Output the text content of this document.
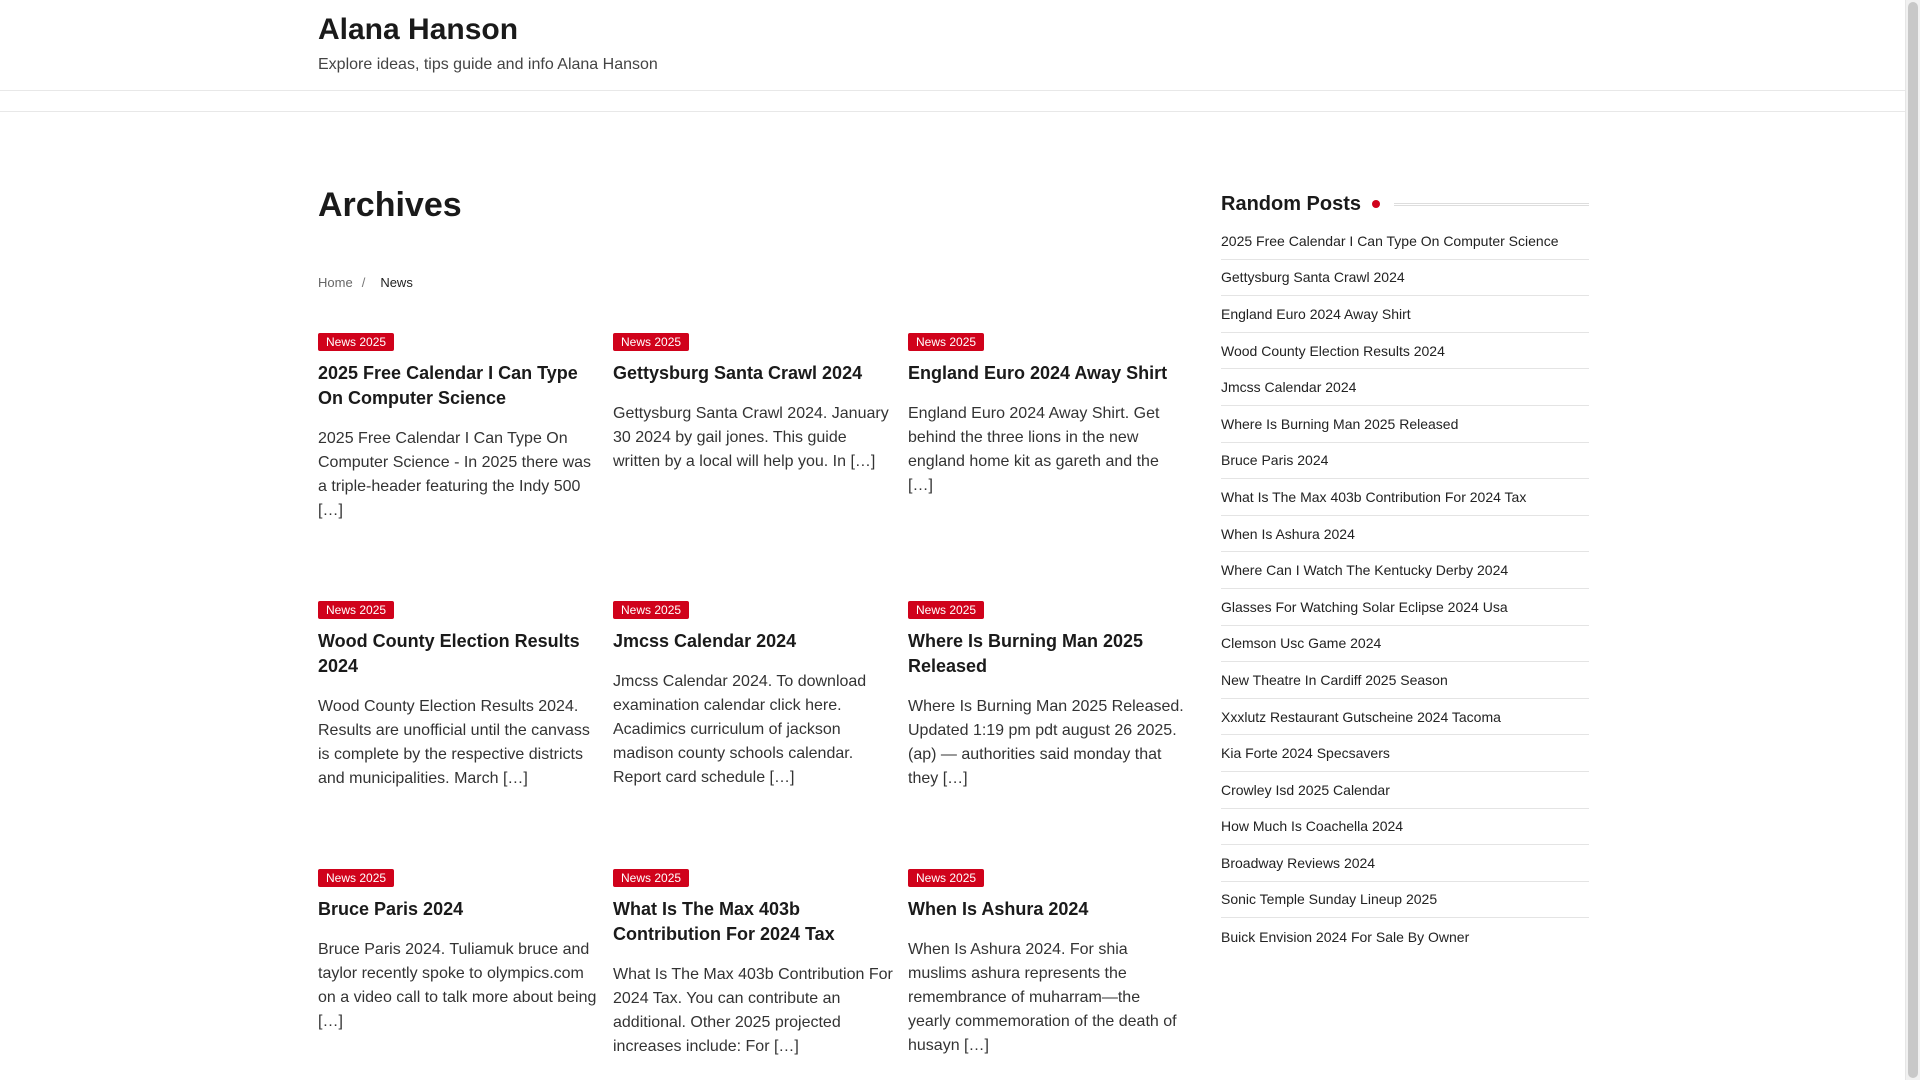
Alana Hanson
Explore ideas, tips guide and info Alana Hanson
Archives
Home / News
News 2025
2025 Free Calendar I Can Type On Computer Science

2025 Free Calendar I Can Type On Computer Science - In 2025 there was a triple-header featuring the Indy 500 […]

News 2025
Gettysburg Santa Crawl 2024

Gettysburg Santa Crawl 2024. January 30 2024 by gail jones. This guide written by a local will help you. In […]

News 2025
England Euro 2024 Away Shirt

England Euro 2024 Away Shirt. Get behind the three lions in the new england home kit as gareth and the […]

News 2025
Wood County Election Results 2024

Wood County Election Results 2024. Results are unofficial until the canvass is complete by the respective districts and municipalities. March […]

News 2025
Jmcss Calendar 2024

Jmcss Calendar 2024. To download examination calendar click here. Acadimics curriculum of jackson madison county schools calendar. Report card schedule […]

News 2025
Where Is Burning Man 2025 Released

Where Is Burning Man 2025 Released. Updated 1:19 pm pdt august 26 2025. (ap) — authorities said monday that they […]

News 2025
Bruce Paris 2024

Bruce Paris 2024. Tuliamuk bruce and taylor recently spoke to olympics.com on a video call to talk more about being […]

News 2025
What Is The Max 403b Contribution For 2024 Tax

What Is The Max 403b Contribution For 2024 Tax. You can contribute an additional. Other 2025 projected increases include: For […]

News 2025
When Is Ashura 2024

When Is Ashura 2024. For shia muslims ashura represents the remembrance of muharram—the yearly commemoration of the death of husayn […]

Random Posts
2025 Free Calendar I Can Type On Computer Science
Gettysburg Santa Crawl 2024
England Euro 2024 Away Shirt
Wood County Election Results 2024
Jmcss Calendar 2024
Where Is Burning Man 2025 Released
Bruce Paris 2024
What Is The Max 403b Contribution For 2024 Tax
When Is Ashura 2024
Where Can I Watch The Kentucky Derby 2024
Glasses For Watching Solar Eclipse 2024 Usa
Clemson Usc Game 2024
New Theatre In Cardiff 2025 Season
Xxxlutz Restaurant Gutscheine 2024 Tacoma
Kia Forte 2024 Specsavers
Crowley Isd 2025 Calendar
How Much Is Coachella 2024
Broadway Reviews 2024
Sonic Temple Sunday Lineup 2025
Buick Envision 2024 For Sale By Owner
